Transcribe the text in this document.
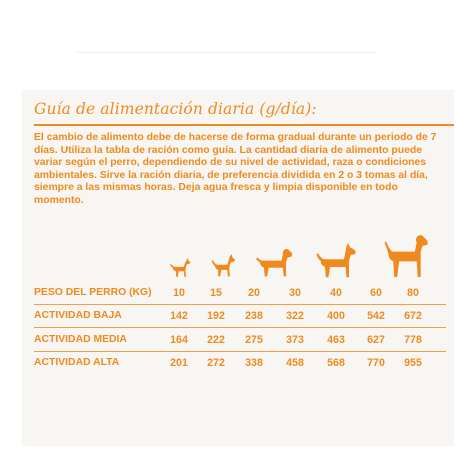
Guía de alimentación diaria (g/día):
El cambio de alimento debe de hacerse de forma gradual durante un periodo de 7 días. Utiliza la tabla de ración como guía. La cantidad diaria de alimento puede variar según el perro, dependiendo de su nivel de actividad, raza o condiciones ambientales. Sirve la ración diaria, de preferencia dividida en 2 o 3 tomas al día, siempre a las mismas horas. Deja agua fresca y limpia disponible en todo momento.
PESO DEL PERRO (KG)	10	15	20	30	40	60	80
ACTIVIDAD BAJA	142	192	238	322	400	542	672
ACTIVIDAD MEDIA	164	222	275	373	463	627	778
ACTIVIDAD ALTA	201	272	338	458	568	770	955
